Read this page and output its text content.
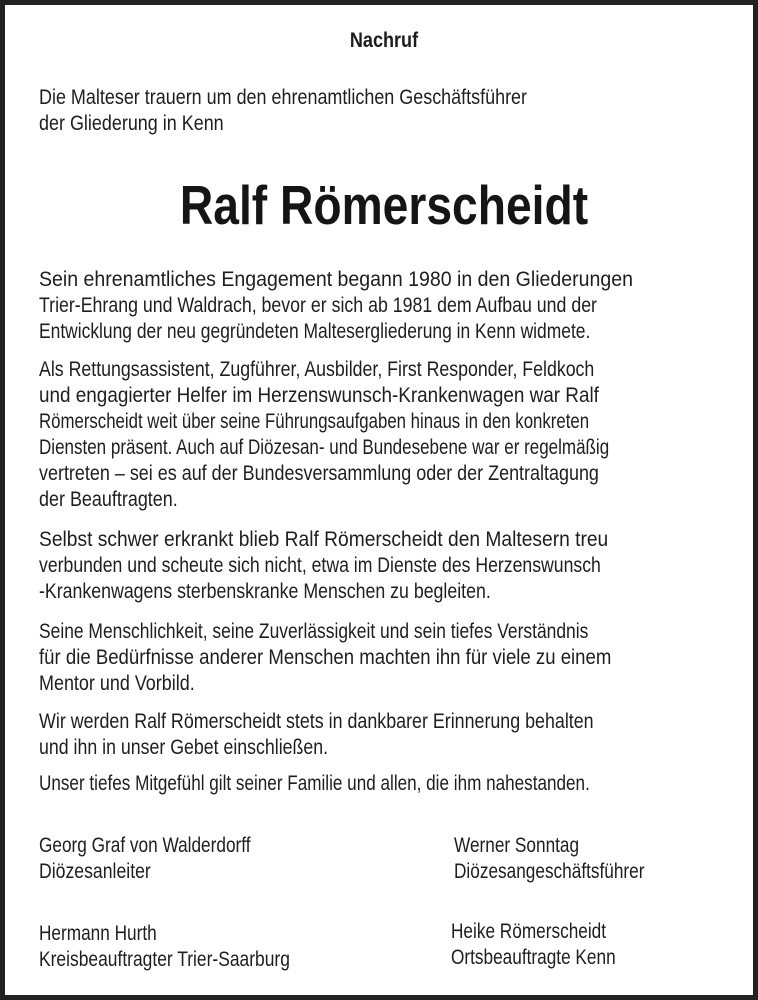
Nachruf
Die Malteser trauern um den ehrenamtlichen Geschäftsführer
der Gliederung in Kenn
Ralf Römerscheidt
Sein ehrenamtliches Engagement begann 1980 in den Gliederungen
Trier-Ehrang und Waldrach, bevor er sich ab 1981 dem Aufbau und der
Entwicklung der neu gegründeten Maltesergliederung in Kenn widmete.
Als Rettungsassistent, Zugführer, Ausbilder, First Responder, Feldkoch
und engagierter Helfer im Herzenswunsch-Krankenwagen war Ralf
Römerscheidt weit über seine Führungsaufgaben hinaus in den konkreten
Diensten präsent. Auch auf Diözesan- und Bundesebene war er regelmäßig
vertreten – sei es auf der Bundesversammlung oder der Zentraltagung
der Beauftragten.
Selbst schwer erkrankt blieb Ralf Römerscheidt den Maltesern treu
verbunden und scheute sich nicht, etwa im Dienste des Herzenswunsch
-Krankenwagens sterbenskranke Menschen zu begleiten.
Seine Menschlichkeit, seine Zuverlässigkeit und sein tiefes Verständnis
für die Bedürfnisse anderer Menschen machten ihn für viele zu einem
Mentor und Vorbild.
Wir werden Ralf Römerscheidt stets in dankbarer Erinnerung behalten
und ihn in unser Gebet einschließen.
Unser tiefes Mitgefühl gilt seiner Familie und allen, die ihm nahestanden.
Georg Graf von Walderdorff
Diözesanleiter
Werner Sonntag
Diözesangeschäftsführer
Hermann Hurth
Kreisbeauftragter Trier-Saarburg
Heike Römerscheidt
Ortsbeauftragte Kenn
